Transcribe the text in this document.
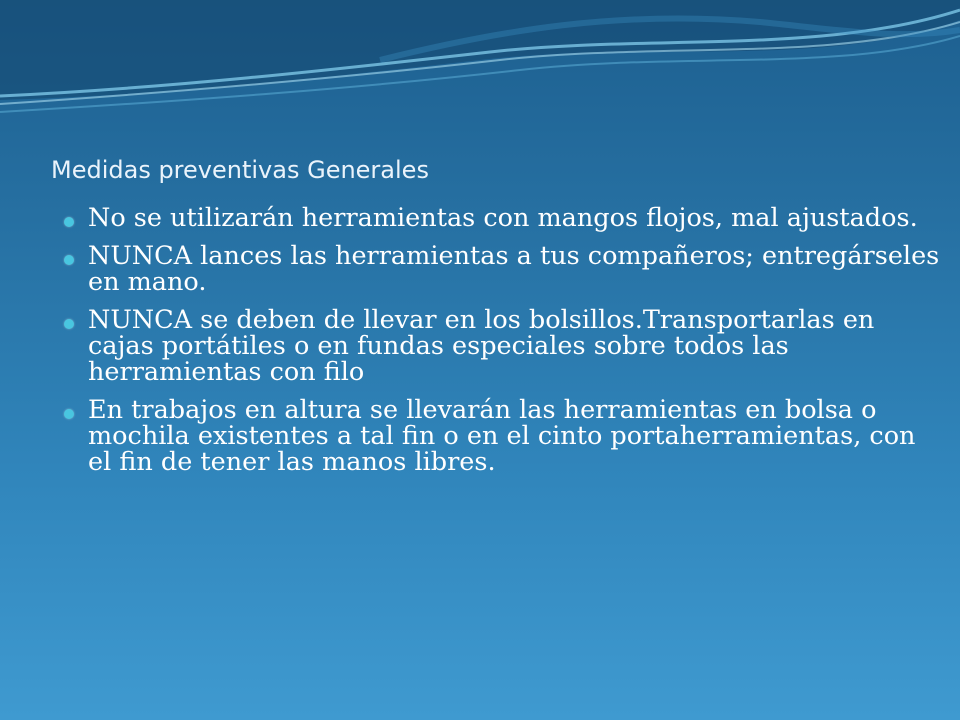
Medidas preventivas Generales
No se utilizarán herramientas con mangos flojos, mal ajustados.
NUNCA lances las herramientas a tus compañeros; entregárseles en mano.
NUNCA se deben de llevar en los bolsillos.Transportarlas en cajas portátiles o en fundas especiales sobre todos las herramientas con filo
En trabajos en altura se llevarán las herramientas en bolsa o mochila existentes a tal fin o en el cinto portaherramientas, con el fin de tener las manos libres.
